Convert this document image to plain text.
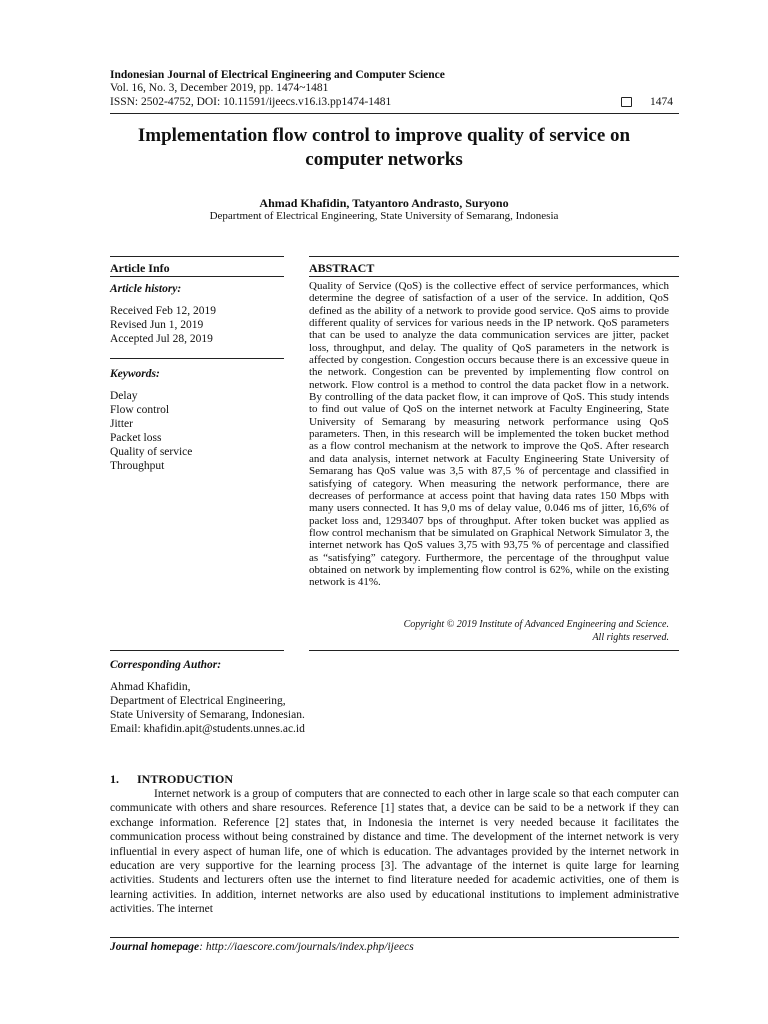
Indonesian Journal of Electrical Engineering and Computer Science
Vol. 16, No. 3, December 2019, pp. 1474~1481
ISSN: 2502-4752, DOI: 10.11591/ijeecs.v16.i3.pp1474-1481	1474
Implementation flow control to improve quality of service on computer networks
Ahmad Khafidin, Tatyantoro Andrasto, Suryono
Department of Electrical Engineering, State University of Semarang, Indonesia
Article Info	ABSTRACT
Article history:
Received Feb 12, 2019
Revised Jun 1, 2019
Accepted Jul 28, 2019
Keywords:
Delay
Flow control
Jitter
Packet loss
Quality of service
Throughput
Quality of Service (QoS) is the collective effect of service performances, which determine the degree of satisfaction of a user of the service. In addition, QoS defined as the ability of a network to provide good service. QoS aims to provide different quality of services for various needs in the IP network. QoS parameters that can be used to analyze the data communication services are jitter, packet loss, throughput, and delay. The quality of QoS parameters in the network is affected by congestion. Congestion occurs because there is an excessive queue in the network. Congestion can be prevented by implementing flow control on network. Flow control is a method to control the data packet flow in a network. By controlling of the data packet flow, it can improve of QoS. This study intends to find out value of QoS on the internet network at Faculty Engineering, State University of Semarang by measuring network performance using QoS parameters. Then, in this research will be implemented the token bucket method as a flow control mechanism at the network to improve the QoS. After research and data analysis, internet network at Faculty Engineering State University of Semarang has QoS value was 3,5 with 87,5 % of percentage and classified in satisfying of category. When measuring the network performance, there are decreases of performance at access point that having data rates 150 Mbps with many users connected. It has 9,0 ms of delay value, 0.046 ms of jitter, 16,6% of packet loss and, 1293407 bps of throughput. After token bucket was applied as flow control mechanism that be simulated on Graphical Network Simulator 3, the internet network has QoS values 3,75 with 93,75 % of percentage and classified as “satisfying” category. Furthermore, the percentage of the throughput value obtained on network by implementing flow control is 62%, while on the existing network is 41%.
Copyright © 2019 Institute of Advanced Engineering and Science.
All rights reserved.
Corresponding Author:
Ahmad Khafidin,
Department of Electrical Engineering,
State University of Semarang, Indonesian.
Email: khafidin.apit@students.unnes.ac.id
1. INTRODUCTION
Internet network is a group of computers that are connected to each other in large scale so that each computer can communicate with others and share resources. Reference [1] states that, a device can be said to be a network if they can exchange information. Reference [2] states that, in Indonesia the internet is very needed because it facilitates the communication process without being constrained by distance and time. The development of the internet network is very influential in every aspect of human life, one of which is education. The advantages provided by the internet network in education are very supportive for the learning process [3]. The advantage of the internet is quite large for learning activities. Students and lecturers often use the internet to find literature needed for academic activities, one of them is learning activities. In addition, internet networks are also used by educational institutions to implement administrative activities. The internet
Journal homepage: http://iaescore.com/journals/index.php/ijeecs
